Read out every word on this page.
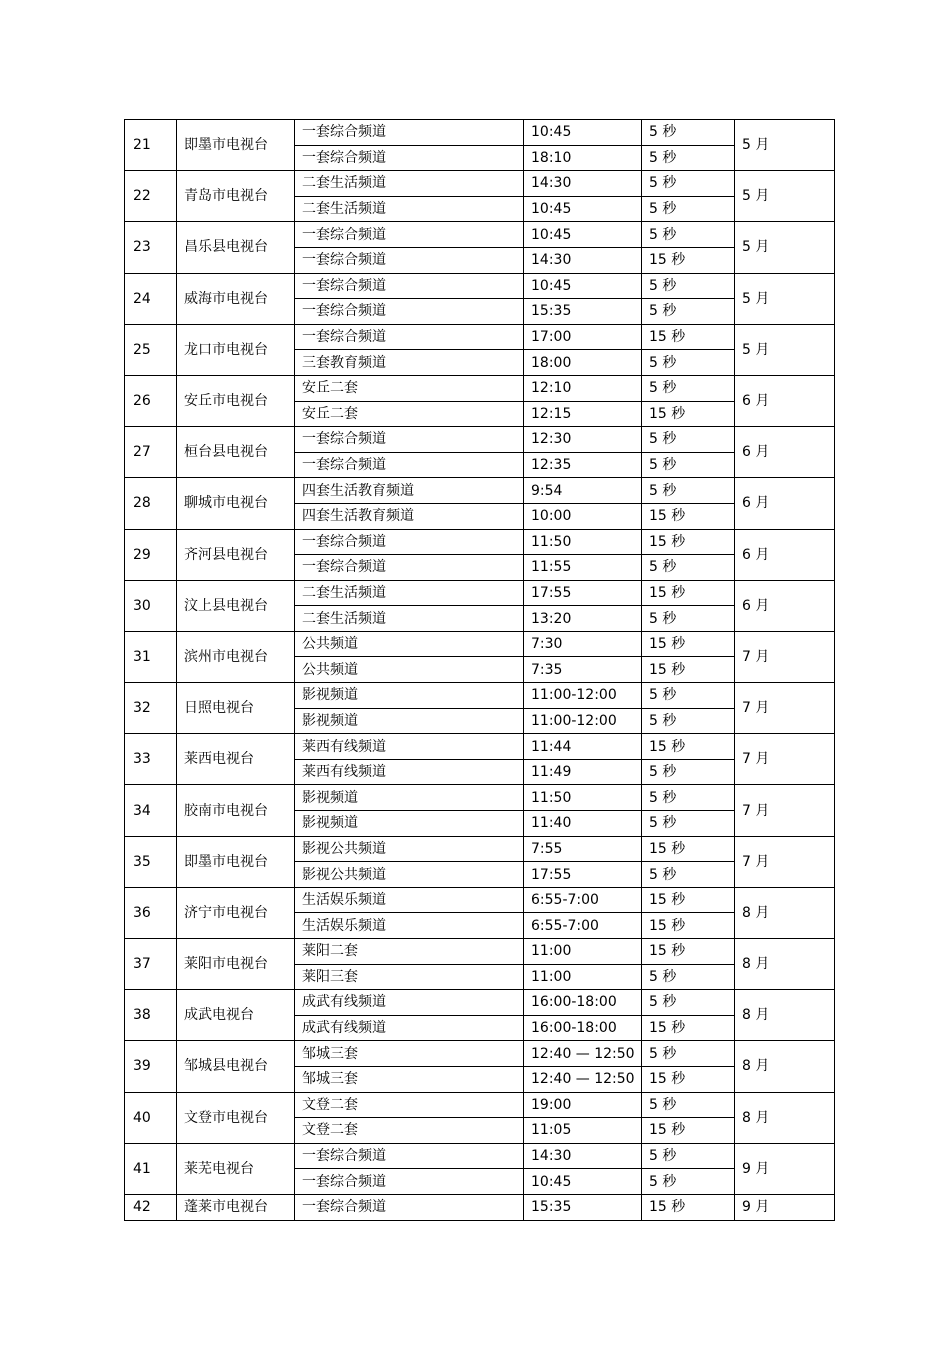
21	即墨市电视台	一套综合频道	10:45	5 秒	5 月
		一套综合频道	18:10	5 秒	
22	青岛市电视台	二套生活频道	14:30	5 秒	5 月
		二套生活频道	10:45	5 秒	
23	昌乐县电视台	一套综合频道	10:45	5 秒	5 月
		一套综合频道	14:30	15 秒	
24	威海市电视台	一套综合频道	10:45	5 秒	5 月
		一套综合频道	15:35	5 秒	
25	龙口市电视台	一套综合频道	17:00	15 秒	5 月
		三套教育频道	18:00	5 秒	
26	安丘市电视台	安丘二套	12:10	5 秒	6 月
		安丘二套	12:15	15 秒	
27	桓台县电视台	一套综合频道	12:30	5 秒	6 月
		一套综合频道	12:35	5 秒	
28	聊城市电视台	四套生活教育频道	9:54	5 秒	6 月
		四套生活教育频道	10:00	15 秒	
29	齐河县电视台	一套综合频道	11:50	15 秒	6 月
		一套综合频道	11:55	5 秒	
30	汶上县电视台	二套生活频道	17:55	15 秒	6 月
		二套生活频道	13:20	5 秒	
31	滨州市电视台	公共频道	7:30	15 秒	7 月
		公共频道	7:35	15 秒	
32	日照电视台	影视频道	11:00-12:00	5 秒	7 月
		影视频道	11:00-12:00	5 秒	
33	莱西电视台	莱西有线频道	11:44	15 秒	7 月
		莱西有线频道	11:49	5 秒	
34	胶南市电视台	影视频道	11:50	5 秒	7 月
		影视频道	11:40	5 秒	
35	即墨市电视台	影视公共频道	7:55	15 秒	7 月
		影视公共频道	17:55	5 秒	
36	济宁市电视台	生活娱乐频道	6:55-7:00	15 秒	8 月
		生活娱乐频道	6:55-7:00	15 秒	
37	莱阳市电视台	莱阳二套	11:00	15 秒	8 月
		莱阳三套	11:00	5 秒	
38	成武电视台	成武有线频道	16:00-18:00	5 秒	8 月
		成武有线频道	16:00-18:00	15 秒	
39	邹城县电视台	邹城三套	12:40 — 12:50	5 秒	8 月
		邹城三套	12:40 — 12:50	15 秒	
40	文登市电视台	文登二套	19:00	5 秒	8 月
		文登二套	11:05	15 秒	
41	莱芜电视台	一套综合频道	14:30	5 秒	9 月
		一套综合频道	10:45	5 秒	
42	蓬莱市电视台	一套综合频道	15:35	15 秒	9 月
